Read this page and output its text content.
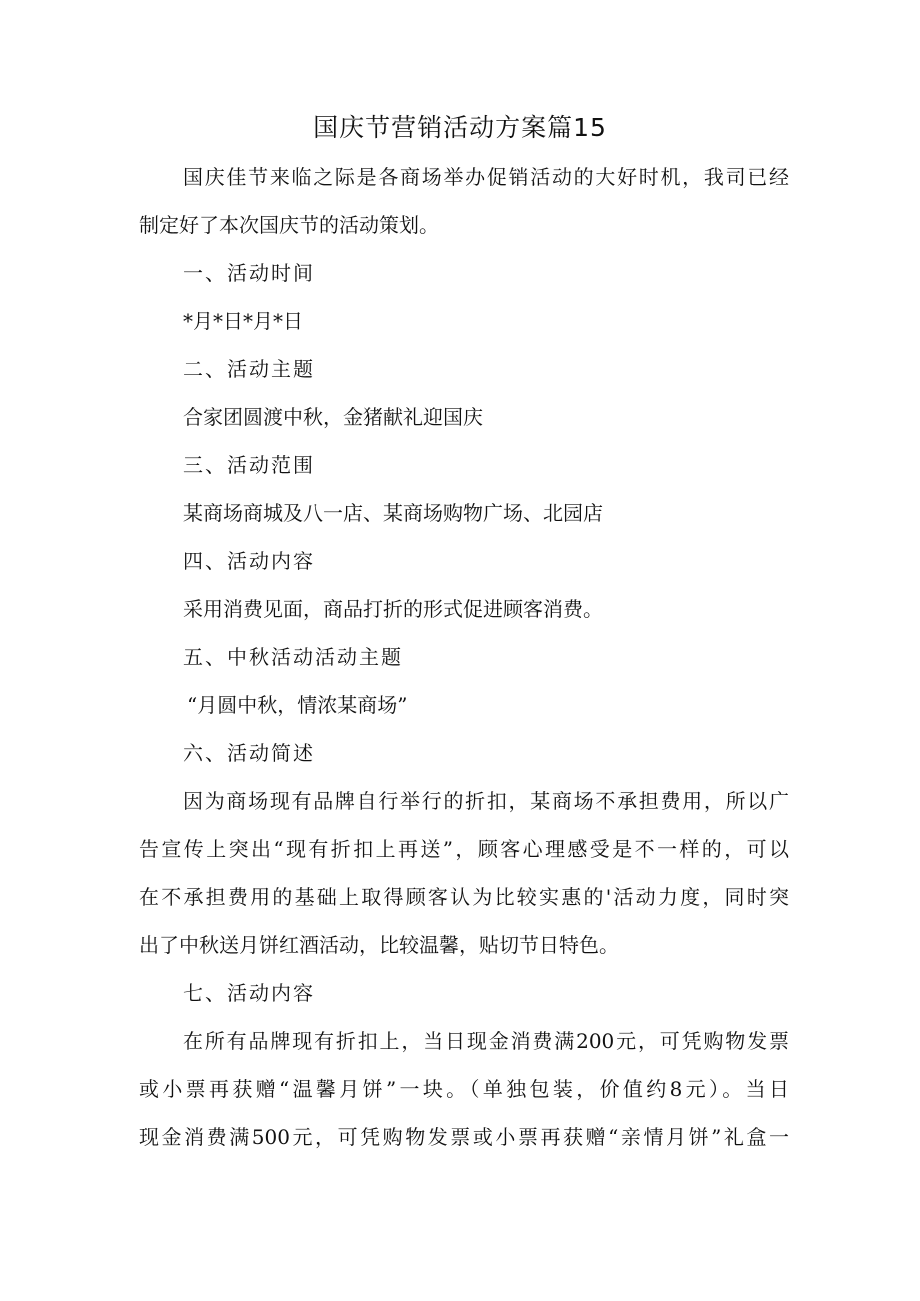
国庆节营销活动方案篇15
国庆佳节来临之际是各商场举办促销活动的大好时机，我司已经
制定好了本次国庆节的活动策划。
一、活动时间
*月*日*月*日
二、活动主题
合家团圆渡中秋，金猪献礼迎国庆
三、活动范围
某商场商城及八一店、某商场购物广场、北园店
四、活动内容
采用消费见面，商品打折的形式促进顾客消费。
五、中秋活动活动主题
“月圆中秋，情浓某商场”
六、活动简述
因为商场现有品牌自行举行的折扣，某商场不承担费用，所以广
告宣传上突出“现有折扣上再送”，顾客心理感受是不一样的，可以
在不承担费用的基础上取得顾客认为比较实惠的'活动力度，同时突
出了中秋送月饼红酒活动，比较温馨，贴切节日特色。
七、活动内容
在所有品牌现有折扣上，当日现金消费满200元，可凭购物发票
或小票再获赠“温馨月饼”一块。（单独包装，价值约8元）。当日
现金消费满500元，可凭购物发票或小票再获赠“亲情月饼”礼盒一
